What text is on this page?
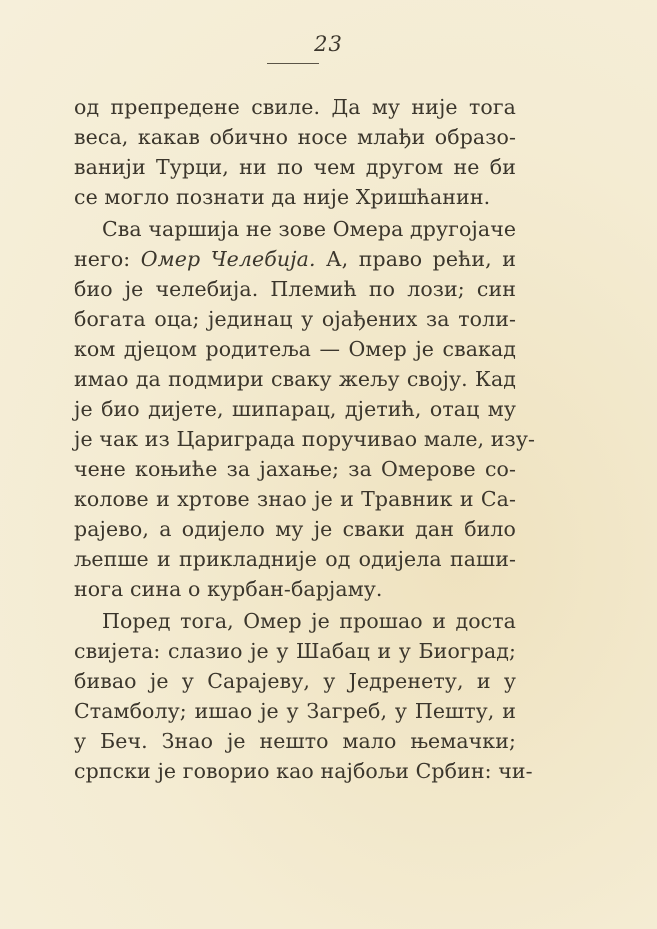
23

од препредене свиле. Да му није тога
веса, какав обично носе млађи образо-
ванији Турци, ни по чем другом не би
се могло познати да није Хришћанин.

Сва чаршија не зове Омера другојаче
него: Омер Челебија. А, право рећи, и
био је челебија. Племић по лози; син
богата оца; јединац у ојађених за толи-
ком дјецом родитеља — Омер је свакад
имао да подмири сваку жељу своју. Кад
је био дијете, шипарац, дјетић, отац му
је чак из Цариграда поручивао мале, изу-
чене коњиће за јахање; за Омерове со-
колове и хртове знао је и Травник и Са-
рајево, а одијело му је сваки дан било
љепше и прикладније од одијела паши-
нога сина о курбан-барјаму.

Поред тога, Омер је прошао и доста
свијета: слазио је у Шабац и у Биоград;
бивао је у Сарајеву, у Једренету, и у
Стамболу; ишао је у Загреб, у Пешту, и
у Беч. Знао је нешто мало њемачки;
српски је говорио као најбољи Србин: чи-
